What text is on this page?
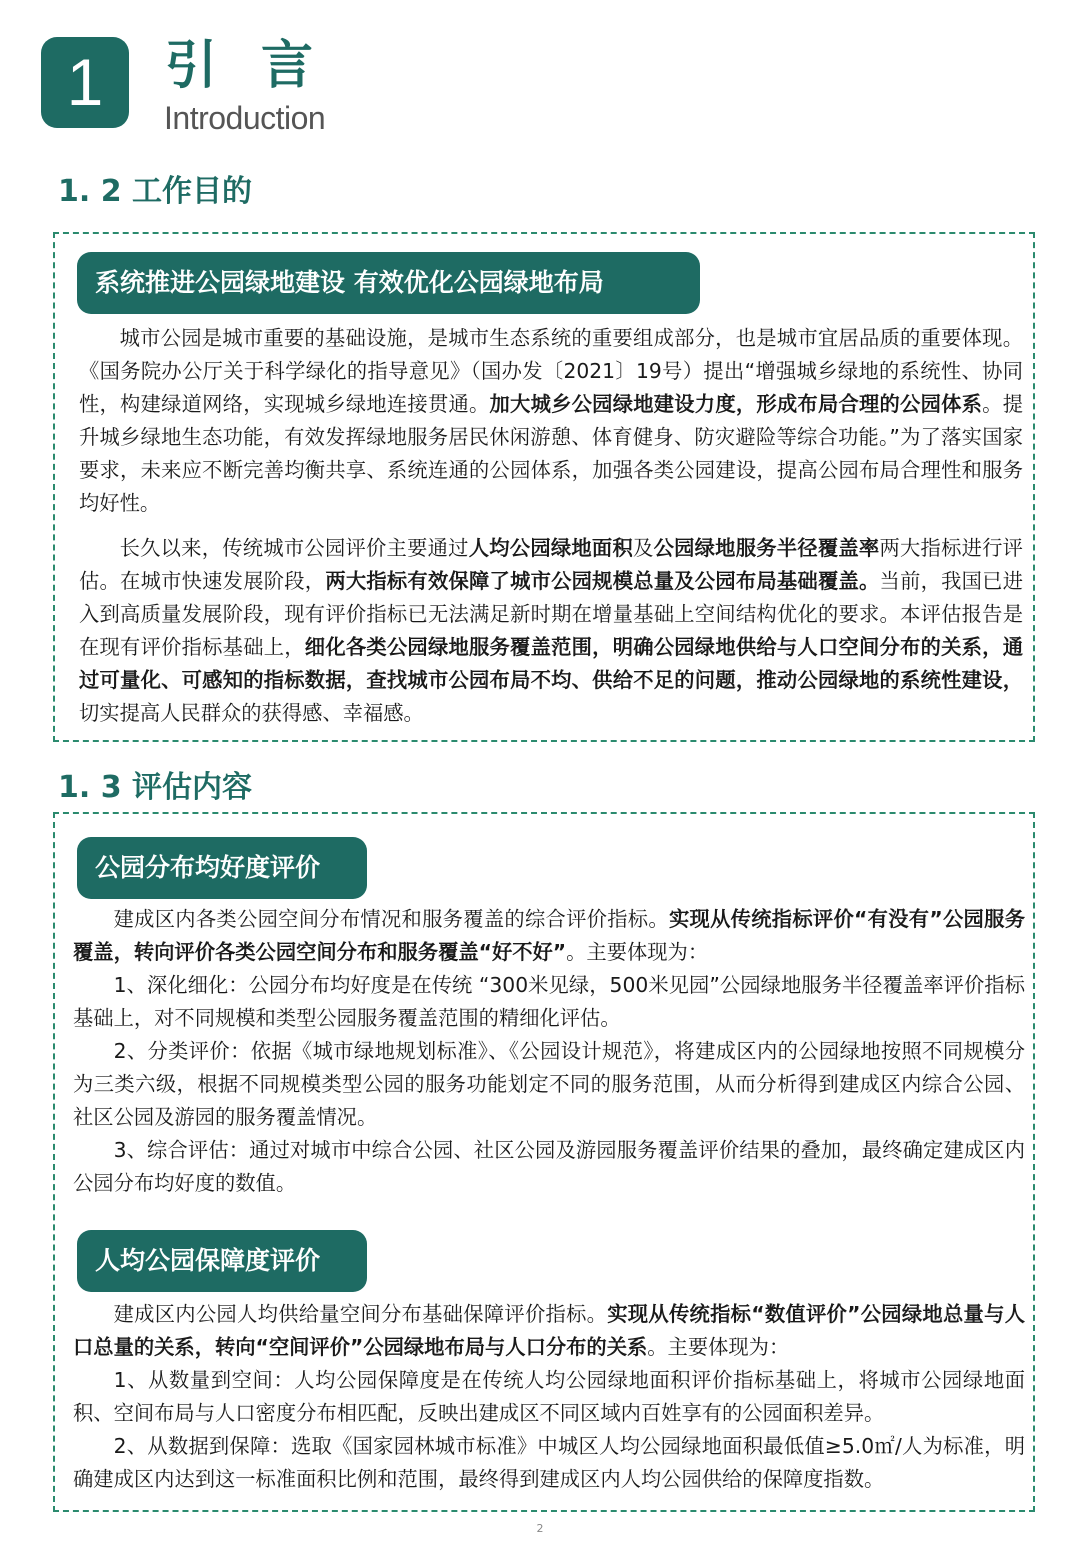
1	引言
Introduction
1. 2 工作目的
系统推进公园绿地建设 有效优化公园绿地布局

城市公园是城市重要的基础设施，是城市生态系统的重要组成部分，也是城市宜居品质的重要体现。《国务院办公厅关于科学绿化的指导意见》（国办发〔2021〕19号）提出“增强城乡绿地的系统性、协同性，构建绿道网络，实现城乡绿地连接贯通。加大城乡公园绿地建设力度，形成布局合理的公园体系。提升城乡绿地生态功能，有效发挥绿地服务居民休闲游憩、体育健身、防灾避险等综合功能。”为了落实国家要求，未来应不断完善均衡共享、系统连通的公园体系，加强各类公园建设，提高公园布局合理性和服务均好性。

长久以来，传统城市公园评价主要通过人均公园绿地面积及公园绿地服务半径覆盖率两大指标进行评估。在城市快速发展阶段，两大指标有效保障了城市公园规模总量及公园布局基础覆盖。当前，我国已进入到高质量发展阶段，现有评价指标已无法满足新时期在增量基础上空间结构优化的要求。本评估报告是在现有评价指标基础上，细化各类公园绿地服务覆盖范围，明确公园绿地供给与人口空间分布的关系，通过可量化、可感知的指标数据，查找城市公园布局不均、供给不足的问题，推动公园绿地的系统性建设，切实提高人民群众的获得感、幸福感。

1. 3 评估内容
公园分布均好度评价

建成区内各类公园空间分布情况和服务覆盖的综合评价指标。实现从传统指标评价“有没有”公园服务覆盖，转向评价各类公园空间分布和服务覆盖“好不好”。主要体现为：

1、深化细化：公园分布均好度是在传统 “300米见绿，500米见园”公园绿地服务半径覆盖率评价指标基础上，对不同规模和类型公园服务覆盖范围的精细化评估。

2、分类评价：依据《城市绿地规划标准》、《公园设计规范》，将建成区内的公园绿地按照不同规模分为三类六级，根据不同规模类型公园的服务功能划定不同的服务范围，从而分析得到建成区内综合公园、社区公园及游园的服务覆盖情况。

3、综合评估：通过对城市中综合公园、社区公园及游园服务覆盖评价结果的叠加，最终确定建成区内公园分布均好度的数值。

人均公园保障度评价

建成区内公园人均供给量空间分布基础保障评价指标。实现从传统指标“数值评价”公园绿地总量与人口总量的关系，转向“空间评价”公园绿地布局与人口分布的关系。主要体现为：

1、从数量到空间：人均公园保障度是在传统人均公园绿地面积评价指标基础上，将城市公园绿地面积、空间布局与人口密度分布相匹配，反映出建成区不同区域内百姓享有的公园面积差异。

2、从数据到保障：选取《国家园林城市标准》中城区人均公园绿地面积最低值≥5.0㎡/人为标准，明确建成区内达到这一标准面积比例和范围，最终得到建成区内人均公园供给的保障度指数。

2
